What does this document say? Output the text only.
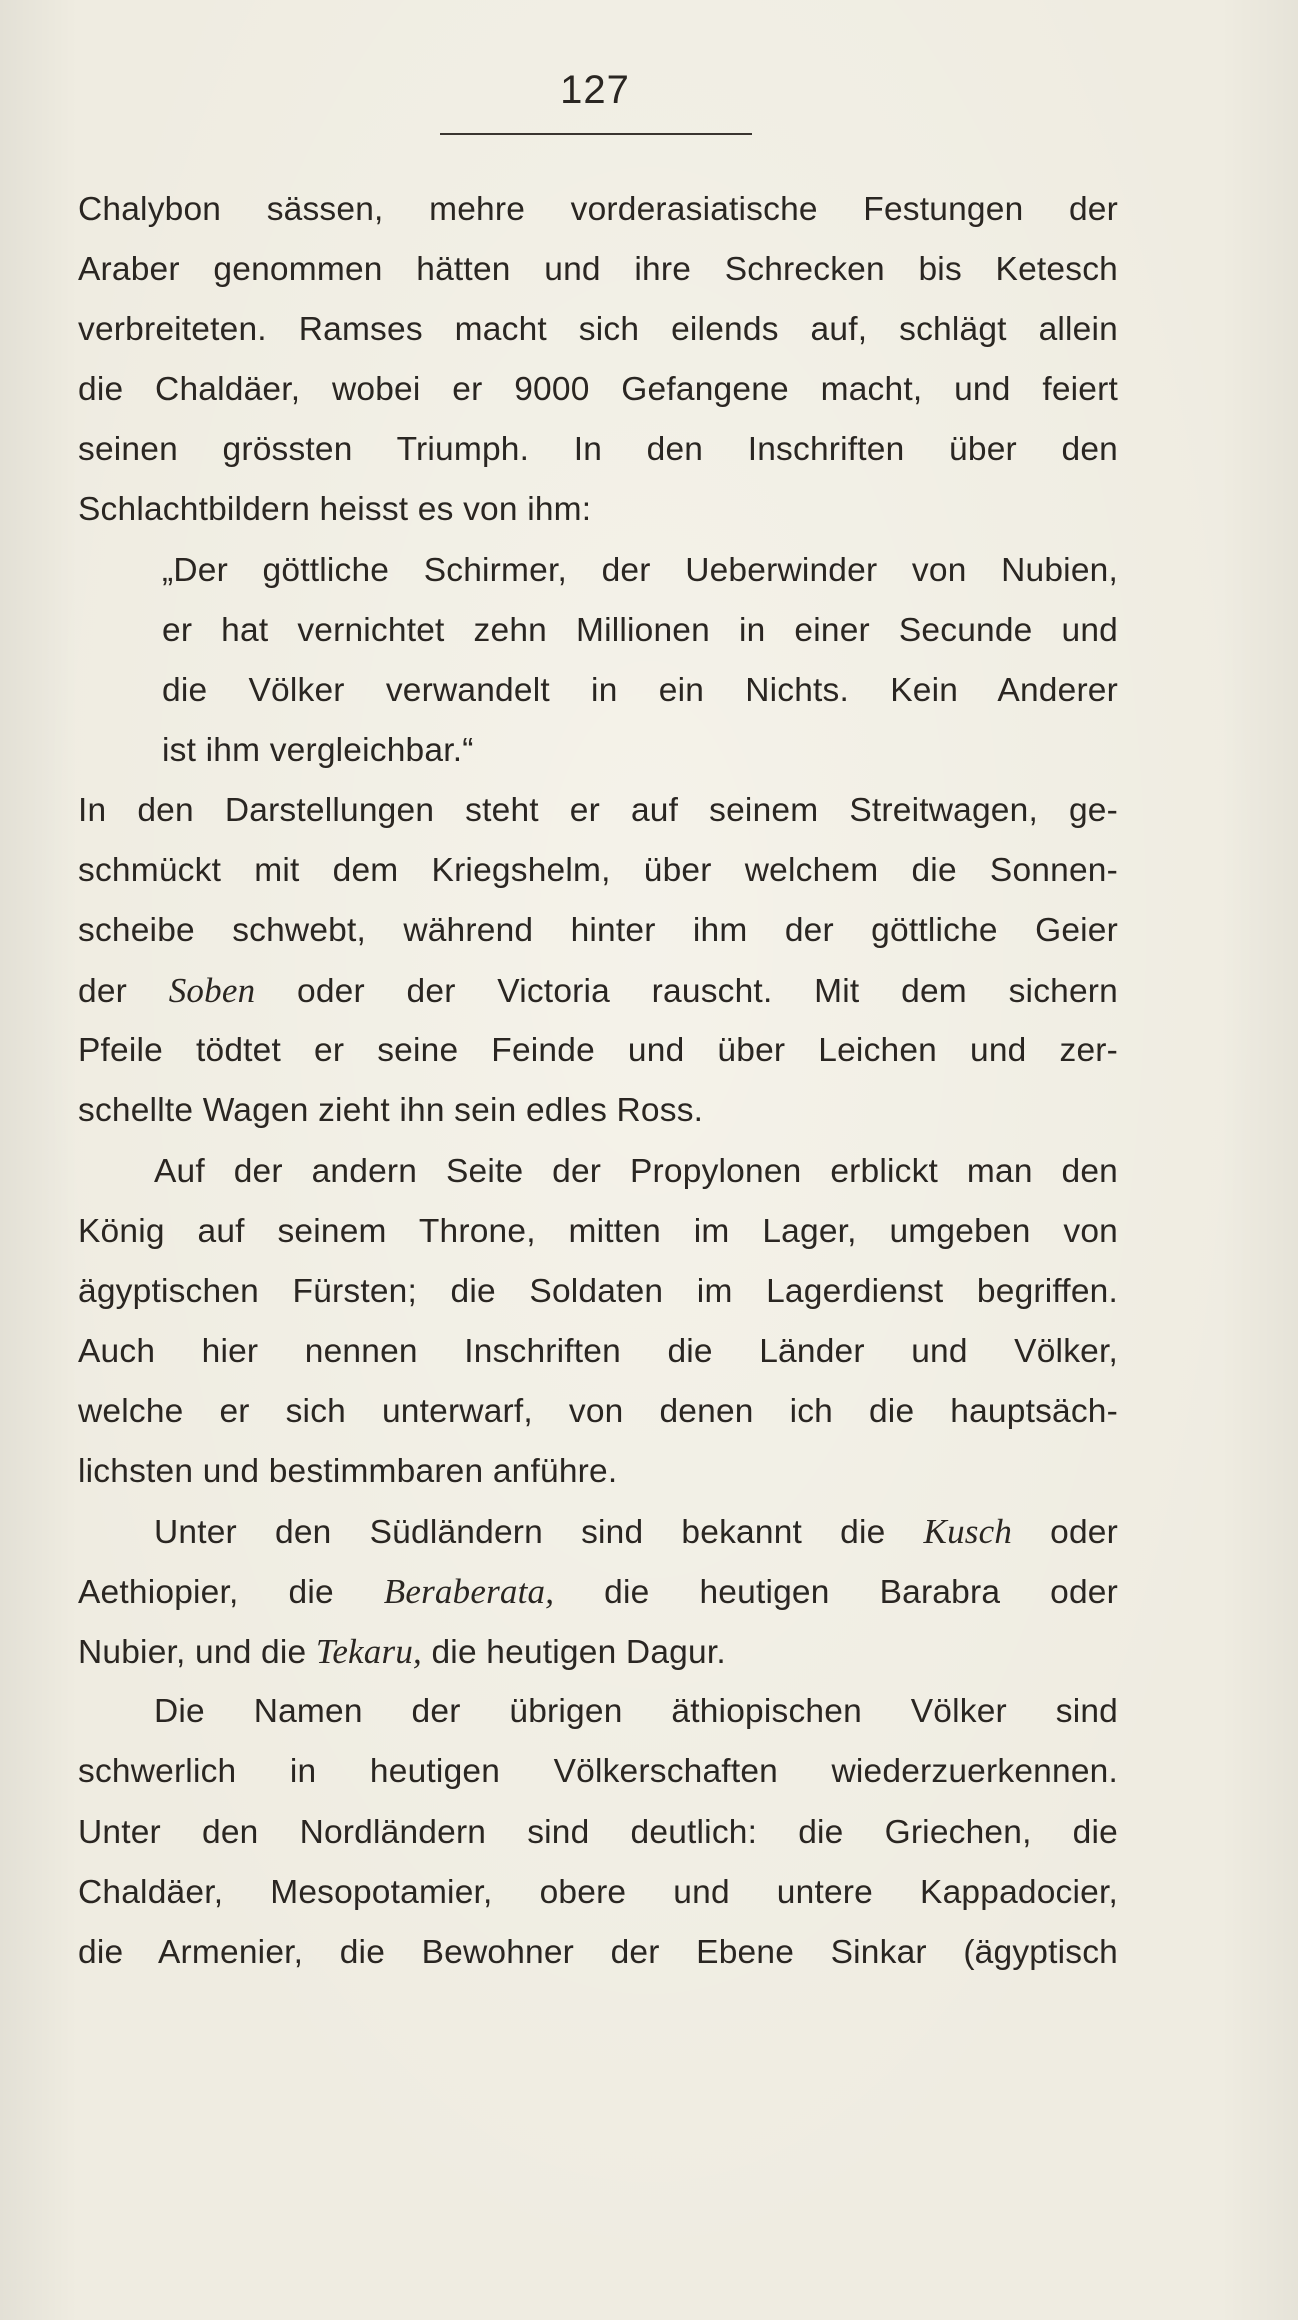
127
Chalybon sässen, mehre vorderasiatische Festungen der
Araber genommen hätten und ihre Schrecken bis Ketesch
verbreiteten. Ramses macht sich eilends auf, schlägt allein
die Chaldäer, wobei er 9000 Gefangene macht, und feiert
seinen grössten Triumph. In den Inschriften über den
Schlachtbildern heisst es von ihm:
„Der göttliche Schirmer, der Ueberwinder von Nubien,
er hat vernichtet zehn Millionen in einer Secunde und
die Völker verwandelt in ein Nichts. Kein Anderer
ist ihm vergleichbar.“
In den Darstellungen steht er auf seinem Streitwagen, ge-
schmückt mit dem Kriegshelm, über welchem die Sonnen-
scheibe schwebt, während hinter ihm der göttliche Geier
der Soben oder der Victoria rauscht. Mit dem sichern
Pfeile tödtet er seine Feinde und über Leichen und zer-
schellte Wagen zieht ihn sein edles Ross.
Auf der andern Seite der Propylonen erblickt man den
König auf seinem Throne, mitten im Lager, umgeben von
ägyptischen Fürsten; die Soldaten im Lagerdienst begriffen.
Auch hier nennen Inschriften die Länder und Völker,
welche er sich unterwarf, von denen ich die hauptsäch-
lichsten und bestimmbaren anführe.
Unter den Südländern sind bekannt die Kusch oder
Aethiopier, die Beraberata, die heutigen Barabra oder
Nubier, und die Tekaru, die heutigen Dagur.
Die Namen der übrigen äthiopischen Völker sind
schwerlich in heutigen Völkerschaften wiederzuerkennen.
Unter den Nordländern sind deutlich: die Griechen, die
Chaldäer, Mesopotamier, obere und untere Kappadocier,
die Armenier, die Bewohner der Ebene Sinkar (ägyptisch
